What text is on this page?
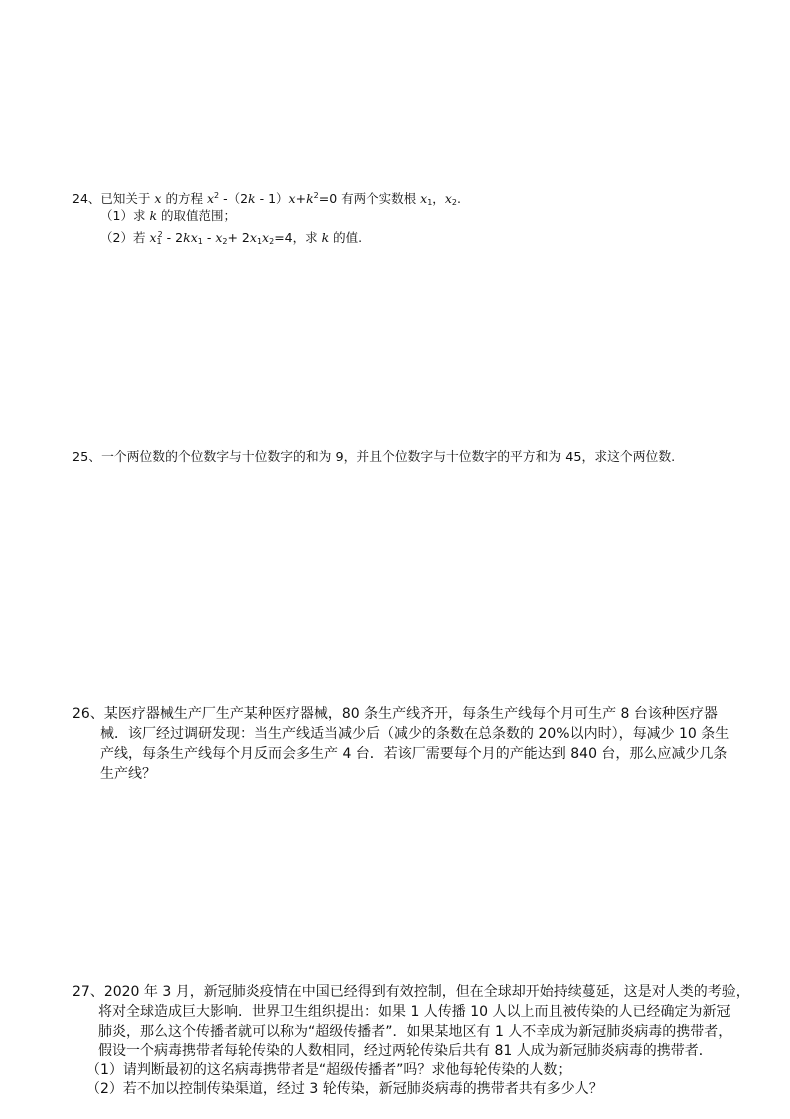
24、已知关于 x 的方程 $x^2$ $-(2k - 1)x+k^2=0$ 有两个实数根 $x_1$，$x_2$.
（1）求 k 的取值范围；
（2）若 $x_1^2 - 2kx_1 - x_2+ 2x_1x_2=4$，求 k 的值.
25、一个两位数的个位数字与十位数字的和为 9，并且个位数字与十位数字的平方和为 45，求这个两位数.
26、某医疗器械生产厂生产某种医疗器械，80 条生产线齐开，每条生产线每个月可生产 8 台该种医疗器
械．该厂经过调研发现：当生产线适当减少后（减少的条数在总条数的 20%以内时），每减少 10 条生
产线，每条生产线每个月反而会多生产 4 台．若该厂需要每个月的产能达到 840 台，那么应减少几条
生产线？
27、2020 年 3 月，新冠肺炎疫情在中国已经得到有效控制，但在全球却开始持续蔓延，这是对人类的考验，
将对全球造成巨大影响．世界卫生组织提出：如果 1 人传播 10 人以上而且被传染的人已经确定为新冠
肺炎，那么这个传播者就可以称为“超级传播者”．如果某地区有 1 人不幸成为新冠肺炎病毒的携带者，
假设一个病毒携带者每轮传染的人数相同，经过两轮传染后共有 81 人成为新冠肺炎病毒的携带者．
（1）请判断最初的这名病毒携带者是“超级传播者”吗？求他每轮传染的人数；
（2）若不加以控制传染渠道，经过 3 轮传染，新冠肺炎病毒的携带者共有多少人？
